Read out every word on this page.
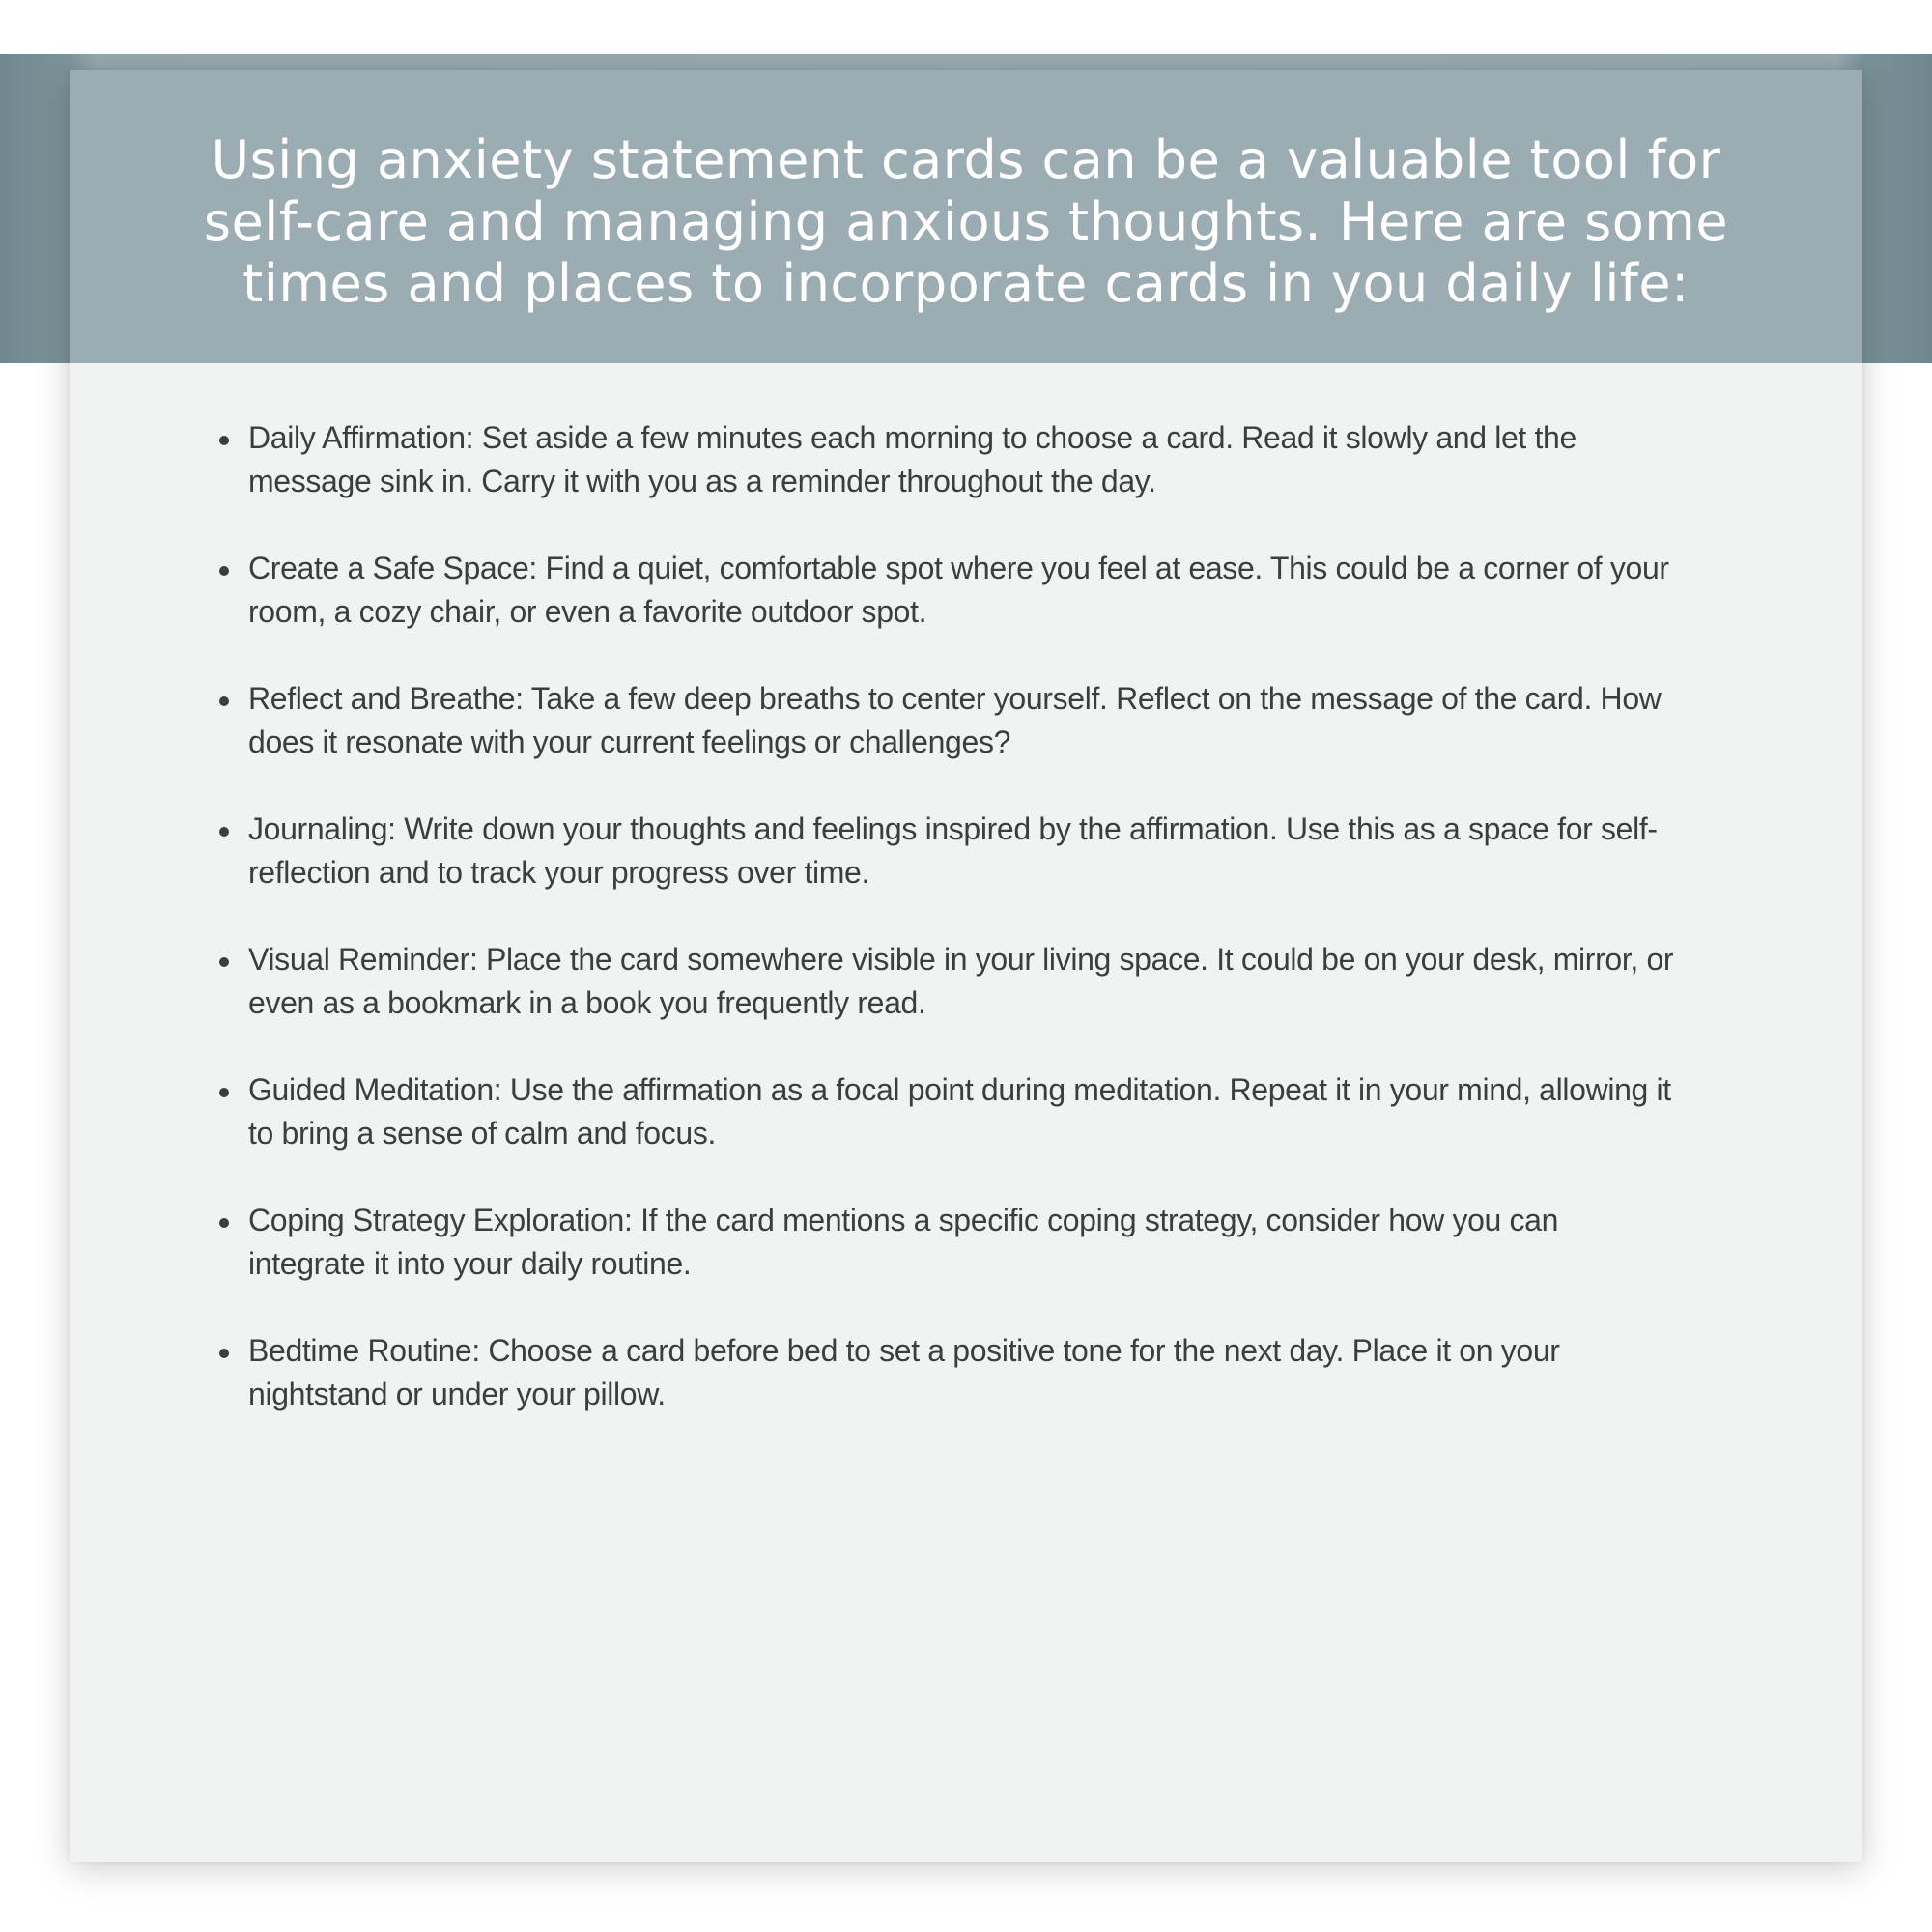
Using anxiety statement cards can be a valuable tool for
self-care and managing anxious thoughts. Here are some
times and places to incorporate cards in you daily life:
Daily Affirmation: Set aside a few minutes each morning to choose a card. Read it slowly and let the
message sink in. Carry it with you as a reminder throughout the day.
Create a Safe Space: Find a quiet, comfortable spot where you feel at ease. This could be a corner of your
room, a cozy chair, or even a favorite outdoor spot.
Reflect and Breathe: Take a few deep breaths to center yourself. Reflect on the message of the card. How
does it resonate with your current feelings or challenges?
Journaling: Write down your thoughts and feelings inspired by the affirmation. Use this as a space for self-
reflection and to track your progress over time.
Visual Reminder: Place the card somewhere visible in your living space. It could be on your desk, mirror, or
even as a bookmark in a book you frequently read.
Guided Meditation: Use the affirmation as a focal point during meditation. Repeat it in your mind, allowing it
to bring a sense of calm and focus.
Coping Strategy Exploration: If the card mentions a specific coping strategy, consider how you can
integrate it into your daily routine.
Bedtime Routine: Choose a card before bed to set a positive tone for the next day. Place it on your
nightstand or under your pillow.
